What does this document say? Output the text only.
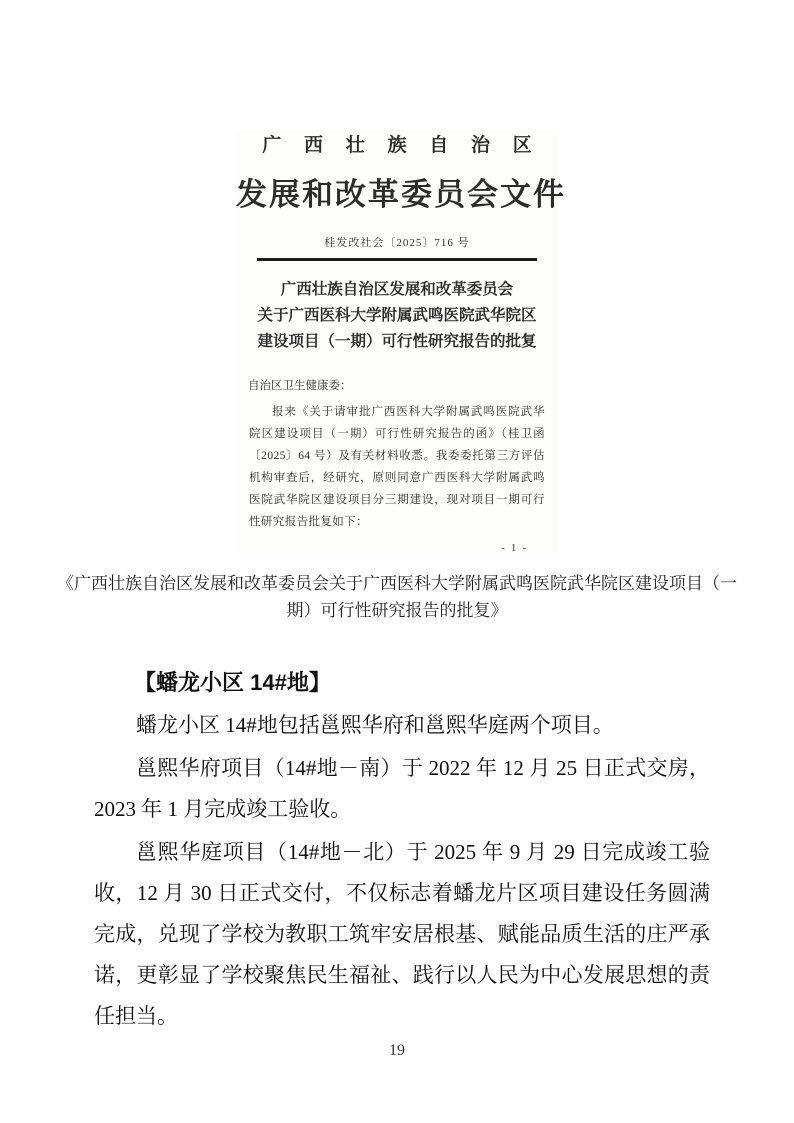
广 西 壮 族 自 治 区
发展和改革委员会文件
桂发改社会〔2025〕716 号
广西壮族自治区发展和改革委员会
关于广西医科大学附属武鸣医院武华院区
建设项目（一期）可行性研究报告的批复
自治区卫生健康委：
报来《关于请审批广西医科大学附属武鸣医院武华院区建设项目（一期）可行性研究报告的函》（桂卫函〔2025〕64 号）及有关材料收悉。我委委托第三方评估机构审查后，经研究，原则同意广西医科大学附属武鸣医院武华院区建设项目分三期建设，现对项目一期可行性研究报告批复如下：
- 1 -
《广西壮族自治区发展和改革委员会关于广西医科大学附属武鸣医院武华院区建设项目（一期）可行性研究报告的批复》
【蟠龙小区 14#地】

蟠龙小区 14#地包括邕熙华府和邕熙华庭两个项目。

邕熙华府项目（14#地－南）于 2022 年 12 月 25 日正式交房，2023 年 1 月完成竣工验收。

邕熙华庭项目（14#地－北）于 2025 年 9 月 29 日完成竣工验收，12 月 30 日正式交付，不仅标志着蟠龙片区项目建设任务圆满完成，兑现了学校为教职工筑牢安居根基、赋能品质生活的庄严承诺，更彰显了学校聚焦民生福祉、践行以人民为中心发展思想的责任担当。

19
